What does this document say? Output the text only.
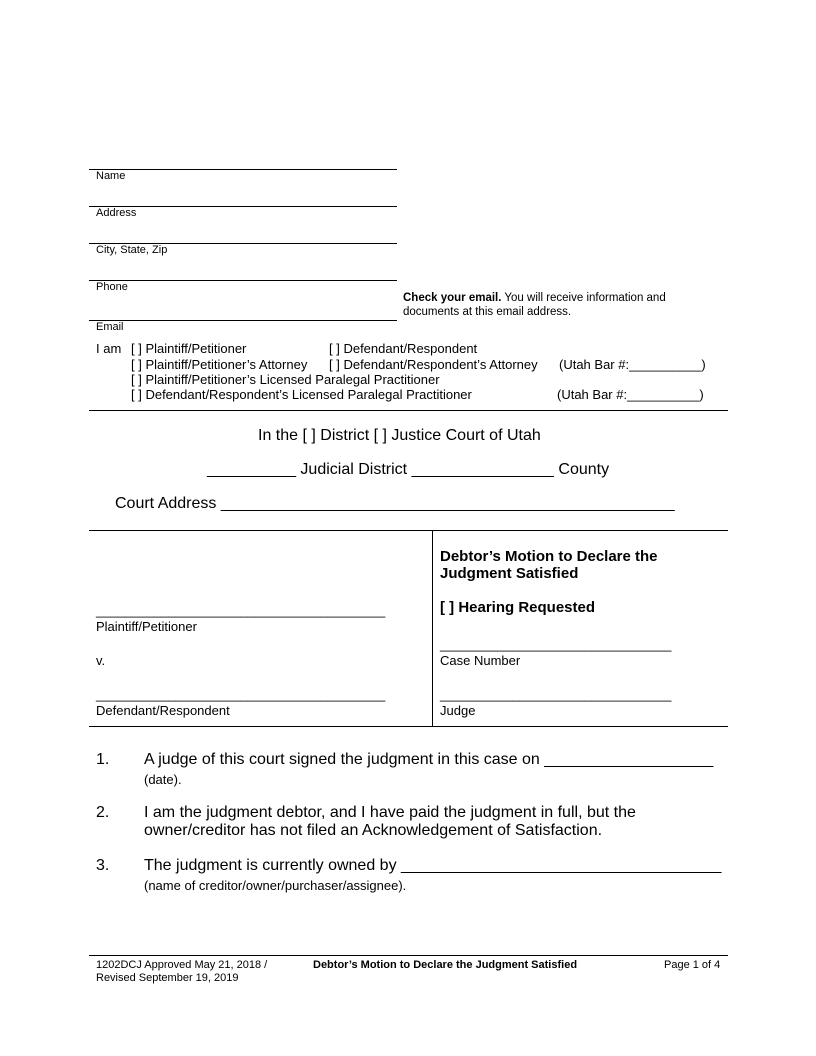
Name
Address
City, State, Zip
Phone
Email
Check your email. You will receive information and
documents at this email address.
I am [ ] Plaintiff/Petitioner	[ ] Defendant/Respondent
[ ] Plaintiff/Petitioner’s Attorney [ ] Defendant/Respondent’s Attorney (Utah Bar #:__________)
[ ] Plaintiff/Petitioner’s Licensed Paralegal Practitioner
[ ] Defendant/Respondent’s Licensed Paralegal Practitioner	(Utah Bar #:__________)
In the [ ] District [ ] Justice Court of Utah
__________ Judicial District ________________ County
Court Address ___________________________________________________
Debtor’s Motion to Declare the Judgment Satisfied
[ ] Hearing Requested
________________________________________
Plaintiff/Petitioner
v.
________________________________________
Defendant/Respondent
________________________________
Case Number
________________________________
Judge
1. A judge of this court signed the judgment in this case on ___________________
(date).
2. I am the judgment debtor, and I have paid the judgment in full, but the
owner/creditor has not filed an Acknowledgement of Satisfaction.
3. The judgment is currently owned by ____________________________________
(name of creditor/owner/purchaser/assignee).
1202DCJ Approved May 21, 2018 /
Revised September 19, 2019
Debtor’s Motion to Declare the Judgment Satisfied	Page 1 of 4
